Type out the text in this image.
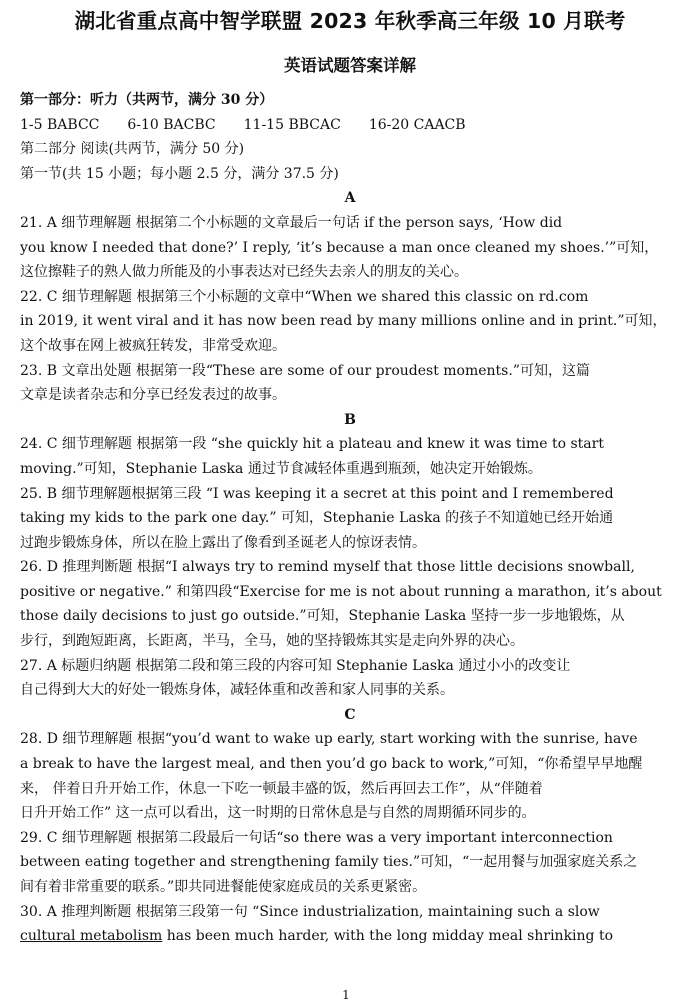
湖北省重点高中智学联盟 2023 年秋季高三年级 10 月联考
英语试题答案详解
第一部分：听力（共两节，满分 30 分）
1-5 BABCC　　6-10 BACBC　　11-15 BBCAC　　16-20 CAACB
第二部分 阅读(共两节，满分 50 分)
第一节(共 15 小题；每小题 2.5 分，满分 37.5 分)
A
21. A 细节理解题 根据第二个小标题的文章最后一句话 if the person says, ‘How did
you know I needed that done?’ I reply, ‘it’s because a man once cleaned my shoes.’”可知，
这位擦鞋子的熟人做力所能及的小事表达对已经失去亲人的朋友的关心。
22. C 细节理解题 根据第三个小标题的文章中“When we shared this classic on rd.com
in 2019, it went viral and it has now been read by many millions online and in print.”可知，
这个故事在网上被疯狂转发，非常受欢迎。
23. B 文章出处题 根据第一段“These are some of our proudest moments.”可知，这篇
文章是读者杂志和分享已经发表过的故事。
B
24. C 细节理解题 根据第一段 “she quickly hit a plateau and knew it was time to start
moving.”可知，Stephanie Laska 通过节食减轻体重遇到瓶颈，她决定开始锻炼。
25. B 细节理解题根据第三段 “I was keeping it a secret at this point and I remembered
taking my kids to the park one day.” 可知，Stephanie Laska 的孩子不知道她已经开始通
过跑步锻炼身体，所以在脸上露出了像看到圣诞老人的惊讶表情。
26. D 推理判断题 根据“I always try to remind myself that those little decisions snowball,
positive or negative.” 和第四段“Exercise for me is not about running a marathon, it’s about
those daily decisions to just go outside.”可知，Stephanie Laska 坚持一步一步地锻炼，从
步行，到跑短距离，长距离，半马，全马，她的坚持锻炼其实是走向外界的决心。
27. A 标题归纳题 根据第二段和第三段的内容可知 Stephanie Laska 通过小小的改变让
自己得到大大的好处一锻炼身体，减轻体重和改善和家人同事的关系。
C
28. D 细节理解题 根据“you’d want to wake up early, start working with the sunrise, have
a break to have the largest meal, and then you’d go back to work,”可知，“你希望早早地醒
来， 伴着日升开始工作，休息一下吃一顿最丰盛的饭，然后再回去工作”，从“伴随着
日升开始工作” 这一点可以看出，这一时期的日常休息是与自然的周期循环同步的。
29. C 细节理解题 根据第二段最后一句话“so there was a very important interconnection
between eating together and strengthening family ties.”可知，“一起用餐与加强家庭关系之
间有着非常重要的联系。”即共同进餐能使家庭成员的关系更紧密。
30. A 推理判断题 根据第三段第一句 “Since industrialization, maintaining such a slow
cultural metabolism has been much harder, with the long midday meal shrinking to
1
